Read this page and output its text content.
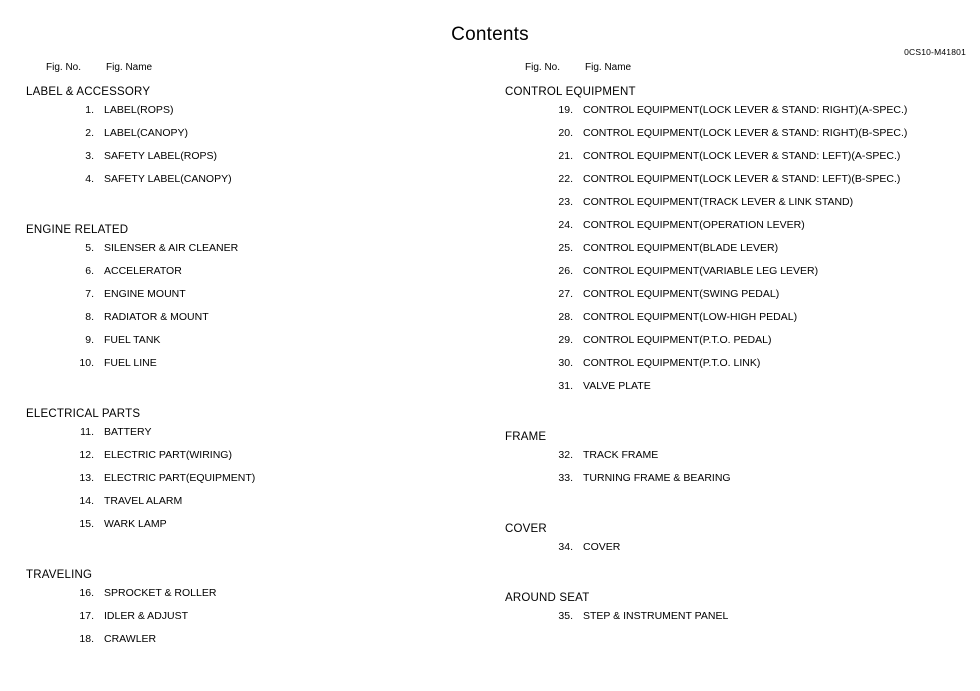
Contents
0CS10-M41801
Fig. No. Fig. Name
LABEL & ACCESSORY
1. LABEL(ROPS)
2. LABEL(CANOPY)
3. SAFETY LABEL(ROPS)
4. SAFETY LABEL(CANOPY)
ENGINE RELATED
5. SILENSER & AIR CLEANER
6. ACCELERATOR
7. ENGINE MOUNT
8. RADIATOR & MOUNT
9. FUEL TANK
10. FUEL LINE
ELECTRICAL PARTS
11. BATTERY
12. ELECTRIC PART(WIRING)
13. ELECTRIC PART(EQUIPMENT)
14. TRAVEL ALARM
15. WARK LAMP
TRAVELING
16. SPROCKET & ROLLER
17. IDLER & ADJUST
18. CRAWLER
Fig. No. Fig. Name
CONTROL EQUIPMENT
19. CONTROL EQUIPMENT(LOCK LEVER & STAND: RIGHT)(A-SPEC.)
20. CONTROL EQUIPMENT(LOCK LEVER & STAND: RIGHT)(B-SPEC.)
21. CONTROL EQUIPMENT(LOCK LEVER & STAND: LEFT)(A-SPEC.)
22. CONTROL EQUIPMENT(LOCK LEVER & STAND: LEFT)(B-SPEC.)
23. CONTROL EQUIPMENT(TRACK LEVER & LINK STAND)
24. CONTROL EQUIPMENT(OPERATION LEVER)
25. CONTROL EQUIPMENT(BLADE LEVER)
26. CONTROL EQUIPMENT(VARIABLE LEG LEVER)
27. CONTROL EQUIPMENT(SWING PEDAL)
28. CONTROL EQUIPMENT(LOW-HIGH PEDAL)
29. CONTROL EQUIPMENT(P.T.O. PEDAL)
30. CONTROL EQUIPMENT(P.T.O. LINK)
31. VALVE PLATE
FRAME
32. TRACK FRAME
33. TURNING FRAME & BEARING
COVER
34. COVER
AROUND SEAT
35. STEP & INSTRUMENT PANEL
